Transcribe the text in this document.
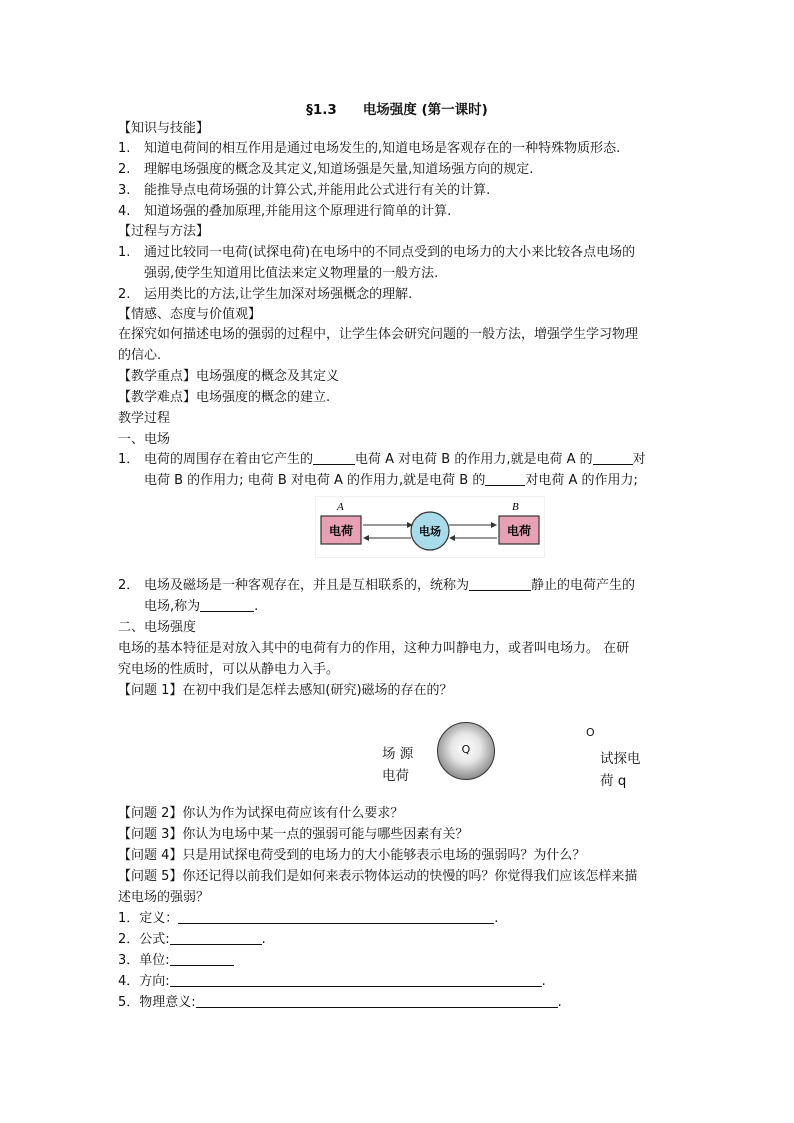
§1.3 电场强度 (第一课时)
【知识与技能】
1. 知道电荷间的相互作用是通过电场发生的,知道电场是客观存在的一种特殊物质形态.
2. 理解电场强度的概念及其定义,知道场强是矢量,知道场强方向的规定.
3. 能推导点电荷场强的计算公式,并能用此公式进行有关的计算.
4. 知道场强的叠加原理,并能用这个原理进行简单的计算.
【过程与方法】
1. 通过比较同一电荷(试探电荷)在电场中的不同点受到的电场力的大小来比较各点电场的
强弱,使学生知道用比值法来定义物理量的一般方法.
2. 运用类比的方法,让学生加深对场强概念的理解.
【情感、态度与价值观】
在探究如何描述电场的强弱的过程中，让学生体会研究问题的一般方法，增强学生学习物理
的信心.
【教学重点】电场强度的概念及其定义
【教学难点】电场强度的概念的建立.
教学过程
一、电场
1． 电荷的周围存在着由它产生的	电荷 A 对电荷 B 的作用力,就是电荷 A 的	对
电荷 B 的作用力; 电荷 B 对电荷 A 的作用力,就是电荷 B 的	对电荷 A 的作用力;
A	B
电荷	电荷
电场
2． 电场及磁场是一种客观存在，并且是互相联系的，统称为	静止的电荷产生的
电场,称为	.
二、电场强度
电场的基本特征是对放入其中的电荷有力的作用，这种力叫静电力，或者叫电场力。 在研
究电场的性质时，可以从静电力入手。
【问题 1】在初中我们是怎样去感知(研究)磁场的存在的？
场 源
电荷
Q
O
试探电
荷 q
【问题 2】你认为作为试探电荷应该有什么要求？
【问题 3】你认为电场中某一点的强弱可能与哪些因素有关？
【问题 4】只是用试探电荷受到的电场力的大小能够表示电场的强弱吗？为什么？
【问题 5】你还记得以前我们是如何来表示物体运动的快慢的吗？你觉得我们应该怎样来描
述电场的强弱？
1．定义：	.
2．公式:	.
3．单位:
4．方向:	.
5．物理意义:	.
